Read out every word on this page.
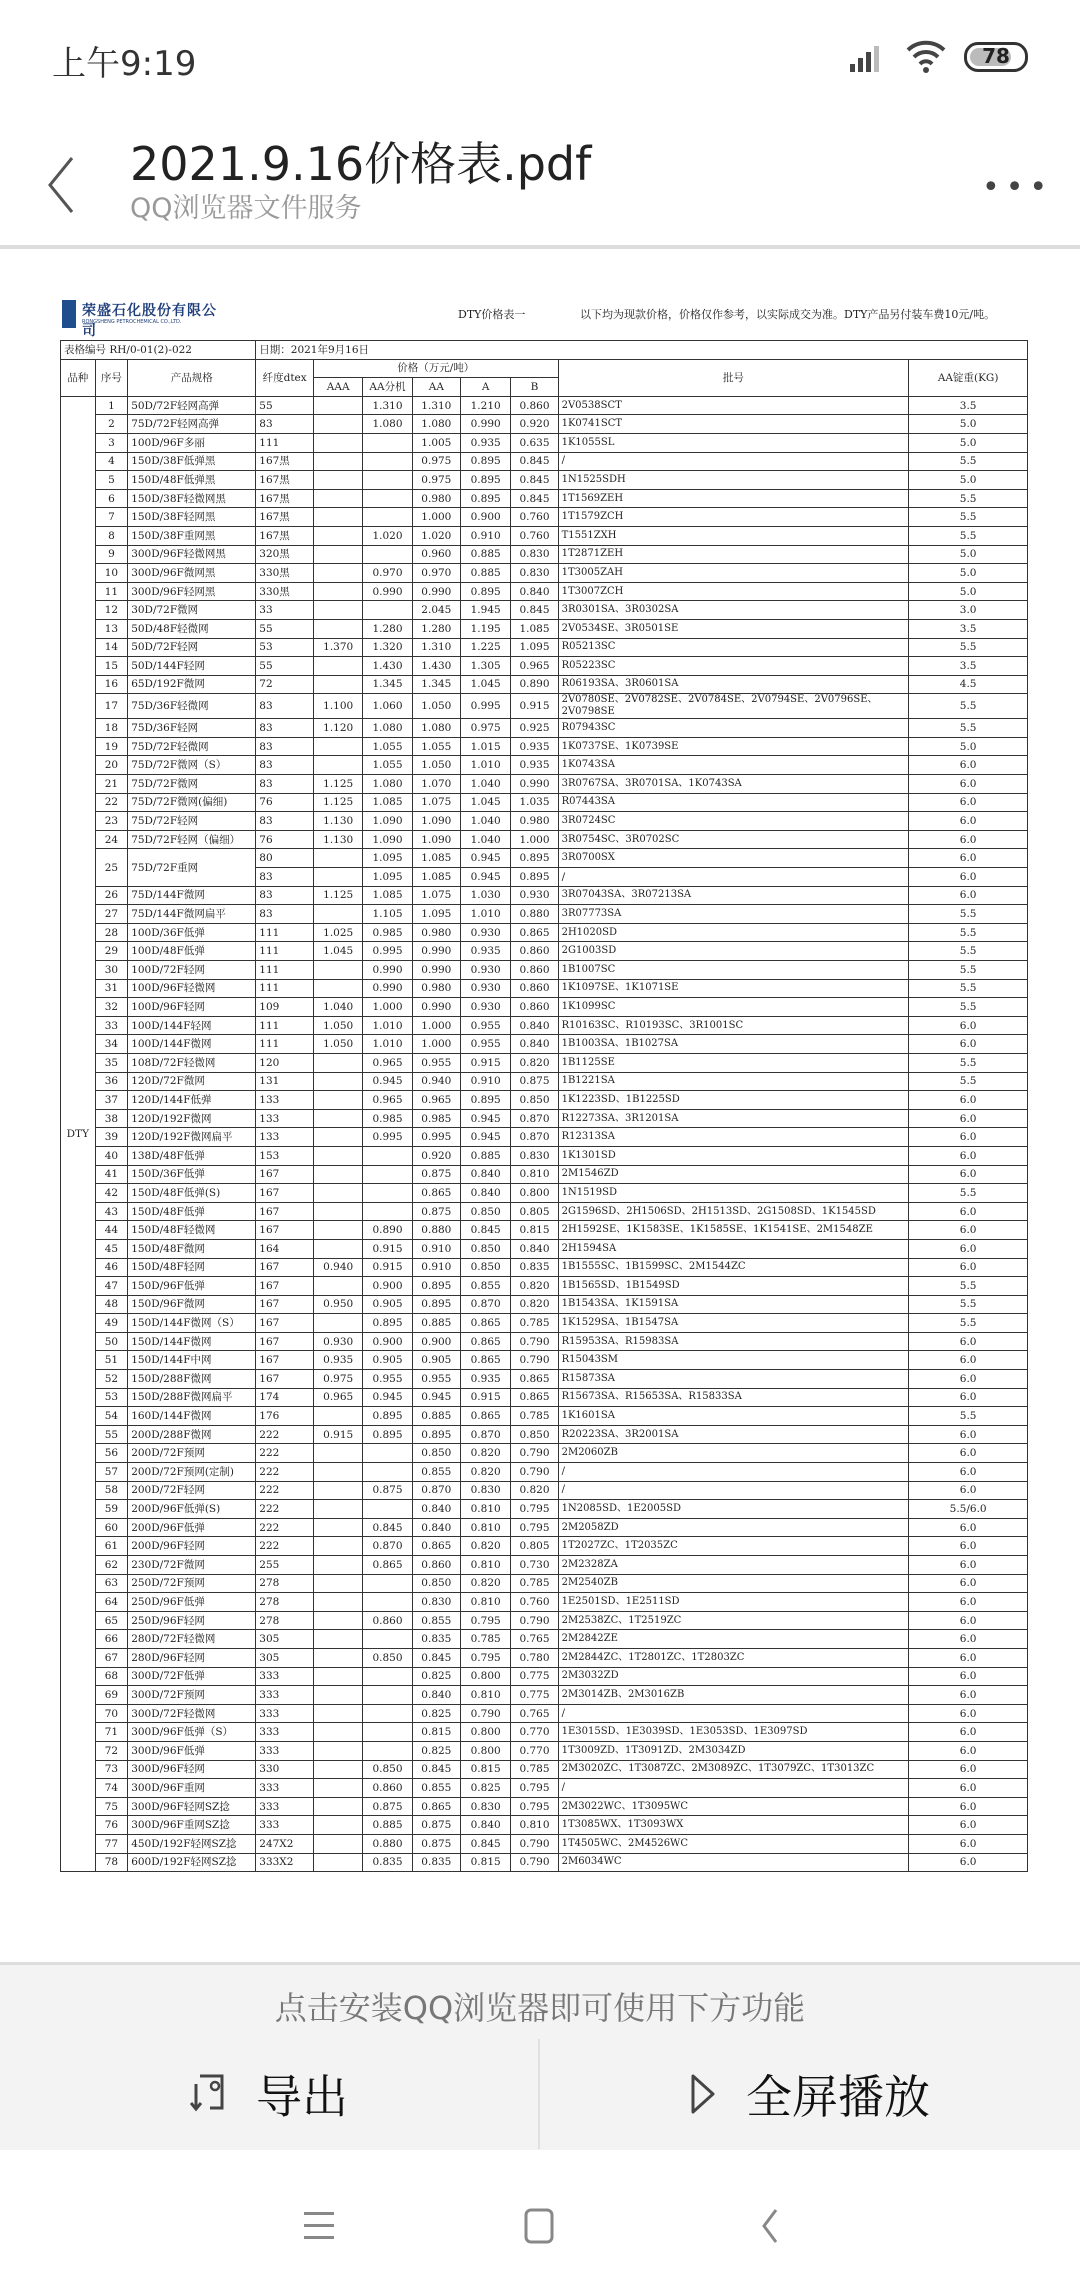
上午9:19	78
2021.9.16价格表.pdf
QQ浏览器文件服务
•••
荣盛石化股份有限公司
RONGSHENG PETROCHEMICAL CO.,LTD.
DTY价格表一	以下均为现款价格，价格仅作参考，以实际成交为准。DTY产品另付装车费10元/吨。
表格编号 RH/0-01(2)-022			日期：2021年9月16日							
品种	序号	产品规格	纤度dtex	价格（万元/吨）					批号	AA锭重(KG)
				AAA	AA分机	AA	A	B		
DTY	1	50D/72F轻网高弹	55		1.310	1.310	1.210	0.860	2V0538SCT	3.5
	2	75D/72F轻网高弹	83		1.080	1.080	0.990	0.920	1K0741SCT	5.0
	3	100D/96F多丽	111			1.005	0.935	0.635	1K1055SL	5.0
	4	150D/38F低弹黑	167黑			0.975	0.895	0.845	/	5.5
	5	150D/48F低弹黑	167黑			0.975	0.895	0.845	1N1525SDH	5.0
	6	150D/38F轻微网黑	167黑			0.980	0.895	0.845	1T1569ZEH	5.5
	7	150D/38F轻网黑	167黑			1.000	0.900	0.760	1T1579ZCH	5.5
	8	150D/38F重网黑	167黑		1.020	1.020	0.910	0.760	T1551ZXH	5.5
	9	300D/96F轻微网黑	320黑			0.960	0.885	0.830	1T2871ZEH	5.0
	10	300D/96F微网黑	330黑		0.970	0.970	0.885	0.830	1T3005ZAH	5.0
	11	300D/96F轻网黑	330黑		0.990	0.990	0.895	0.840	1T3007ZCH	5.0
	12	30D/72F微网	33			2.045	1.945	0.845	3R0301SA、3R0302SA	3.0
	13	50D/48F轻微网	55		1.280	1.280	1.195	1.085	2V0534SE、3R0501SE	3.5
	14	50D/72F轻网	53	1.370	1.320	1.310	1.225	1.095	R05213SC	5.5
	15	50D/144F轻网	55		1.430	1.430	1.305	0.965	R05223SC	3.5
	16	65D/192F微网	72		1.345	1.345	1.045	0.890	R06193SA、3R0601SA	4.5
	17	75D/36F轻微网	83	1.100	1.060	1.050	0.995	0.915	2V0780SE、2V0782SE、2V0784SE、2V0794SE、2V0796SE、2V0798SE	5.5
	18	75D/36F轻网	83	1.120	1.080	1.080	0.975	0.925	R07943SC	5.5
	19	75D/72F轻微网	83		1.055	1.055	1.015	0.935	1K0737SE、1K0739SE	5.0
	20	75D/72F微网（S）	83		1.055	1.050	1.010	0.935	1K0743SA	6.0
	21	75D/72F微网	83	1.125	1.080	1.070	1.040	0.990	3R0767SA、3R0701SA、1K0743SA	6.0
	22	75D/72F微网(偏细)	76	1.125	1.085	1.075	1.045	1.035	R07443SA	6.0
	23	75D/72F轻网	83	1.130	1.090	1.090	1.040	0.980	3R0724SC	6.0
	24	75D/72F轻网（偏细）	76	1.130	1.090	1.090	1.040	1.000	3R0754SC、3R0702SC	6.0
	25	75D/72F重网	80		1.095	1.085	0.945	0.895	3R0700SX	6.0
			83		1.095	1.085	0.945	0.895	/	6.0
	26	75D/144F微网	83	1.125	1.085	1.075	1.030	0.930	3R07043SA、3R07213SA	6.0
	27	75D/144F微网扁平	83		1.105	1.095	1.010	0.880	3R07773SA	5.5
	28	100D/36F低弹	111	1.025	0.985	0.980	0.930	0.865	2H1020SD	5.5
	29	100D/48F低弹	111	1.045	0.995	0.990	0.935	0.860	2G1003SD	5.5
	30	100D/72F轻网	111		0.990	0.990	0.930	0.860	1B1007SC	5.5
	31	100D/96F轻微网	111		0.990	0.980	0.930	0.860	1K1097SE、1K1071SE	5.5
	32	100D/96F轻网	109	1.040	1.000	0.990	0.930	0.860	1K1099SC	5.5
	33	100D/144F轻网	111	1.050	1.010	1.000	0.955	0.840	R10163SC、R10193SC、3R1001SC	6.0
	34	100D/144F微网	111	1.050	1.010	1.000	0.955	0.840	1B1003SA、1B1027SA	6.0
	35	108D/72F轻微网	120		0.965	0.955	0.915	0.820	1B1125SE	5.5
	36	120D/72F微网	131		0.945	0.940	0.910	0.875	1B1221SA	5.5
	37	120D/144F低弹	133		0.965	0.965	0.895	0.850	1K1223SD、1B1225SD	6.0
	38	120D/192F微网	133		0.985	0.985	0.945	0.870	R12273SA、3R1201SA	6.0
	39	120D/192F微网扁平	133		0.995	0.995	0.945	0.870	R12313SA	6.0
	40	138D/48F低弹	153			0.920	0.885	0.830	1K1301SD	6.0
	41	150D/36F低弹	167			0.875	0.840	0.810	2M1546ZD	6.0
	42	150D/48F低弹(S)	167			0.865	0.840	0.800	1N1519SD	5.5
	43	150D/48F低弹	167			0.875	0.850	0.805	2G1596SD、2H1506SD、2H1513SD、2G1508SD、1K1545SD	6.0
	44	150D/48F轻微网	167		0.890	0.880	0.845	0.815	2H1592SE、1K1583SE、1K1585SE、1K1541SE、2M1548ZE	6.0
	45	150D/48F微网	164		0.915	0.910	0.850	0.840	2H1594SA	6.0
	46	150D/48F轻网	167	0.940	0.915	0.910	0.850	0.835	1B1555SC、1B1599SC、2M1544ZC	6.0
	47	150D/96F低弹	167		0.900	0.895	0.855	0.820	1B1565SD、1B1549SD	5.5
	48	150D/96F微网	167	0.950	0.905	0.895	0.870	0.820	1B1543SA、1K1591SA	5.5
	49	150D/144F微网（S）	167		0.895	0.885	0.865	0.785	1K1529SA、1B1547SA	5.5
	50	150D/144F微网	167	0.930	0.900	0.900	0.865	0.790	R15953SA、R15983SA	6.0
	51	150D/144F中网	167	0.935	0.905	0.905	0.865	0.790	R15043SM	6.0
	52	150D/288F微网	167	0.975	0.955	0.955	0.935	0.865	R15873SA	6.0
	53	150D/288F微网扁平	174	0.965	0.945	0.945	0.915	0.865	R15673SA、R15653SA、R15833SA	6.0
	54	160D/144F微网	176		0.895	0.885	0.865	0.785	1K1601SA	5.5
	55	200D/288F微网	222	0.915	0.895	0.895	0.870	0.850	R20223SA、3R2001SA	6.0
	56	200D/72F预网	222			0.850	0.820	0.790	2M2060ZB	6.0
	57	200D/72F预网(定制)	222			0.855	0.820	0.790	/	6.0
	58	200D/72F轻网	222		0.875	0.870	0.830	0.820	/	6.0
	59	200D/96F低弹(S)	222			0.840	0.810	0.795	1N2085SD、1E2005SD	5.5/6.0
	60	200D/96F低弹	222		0.845	0.840	0.810	0.795	2M2058ZD	6.0
	61	200D/96F轻网	222		0.870	0.865	0.820	0.805	1T2027ZC、1T2035ZC	6.0
	62	230D/72F微网	255		0.865	0.860	0.810	0.730	2M2328ZA	6.0
	63	250D/72F预网	278			0.850	0.820	0.785	2M2540ZB	6.0
	64	250D/96F低弹	278			0.830	0.810	0.760	1E2501SD、1E2511SD	6.0
	65	250D/96F轻网	278		0.860	0.855	0.795	0.790	2M2538ZC、1T2519ZC	6.0
	66	280D/72F轻微网	305			0.835	0.785	0.765	2M2842ZE	6.0
	67	280D/96F轻网	305		0.850	0.845	0.795	0.780	2M2844ZC、1T2801ZC、1T2803ZC	6.0
	68	300D/72F低弹	333			0.825	0.800	0.775	2M3032ZD	6.0
	69	300D/72F预网	333			0.840	0.810	0.775	2M3014ZB、2M3016ZB	6.0
	70	300D/72F轻微网	333			0.825	0.790	0.765	/	6.0
	71	300D/96F低弹（S）	333			0.815	0.800	0.770	1E3015SD、1E3039SD、1E3053SD、1E3097SD	6.0
	72	300D/96F低弹	333			0.825	0.800	0.770	1T3009ZD、1T3091ZD、2M3034ZD	6.0
	73	300D/96F轻网	330		0.850	0.845	0.815	0.785	2M3020ZC、1T3087ZC、2M3089ZC、1T3079ZC、1T3013ZC	6.0
	74	300D/96F重网	333		0.860	0.855	0.825	0.795	/	6.0
	75	300D/96F轻网SZ捻	333		0.875	0.865	0.830	0.795	2M3022WC、1T3095WC	6.0
	76	300D/96F重网SZ捻	333		0.885	0.875	0.840	0.810	1T3085WX、1T3093WX	6.0
	77	450D/192F轻网SZ捻	247X2		0.880	0.875	0.845	0.790	1T4505WC、2M4526WC	6.0
	78	600D/192F轻网SZ捻	333X2		0.835	0.835	0.815	0.790	2M6034WC	6.0
点击安装QQ浏览器即可使用下方功能
导出	全屏播放
